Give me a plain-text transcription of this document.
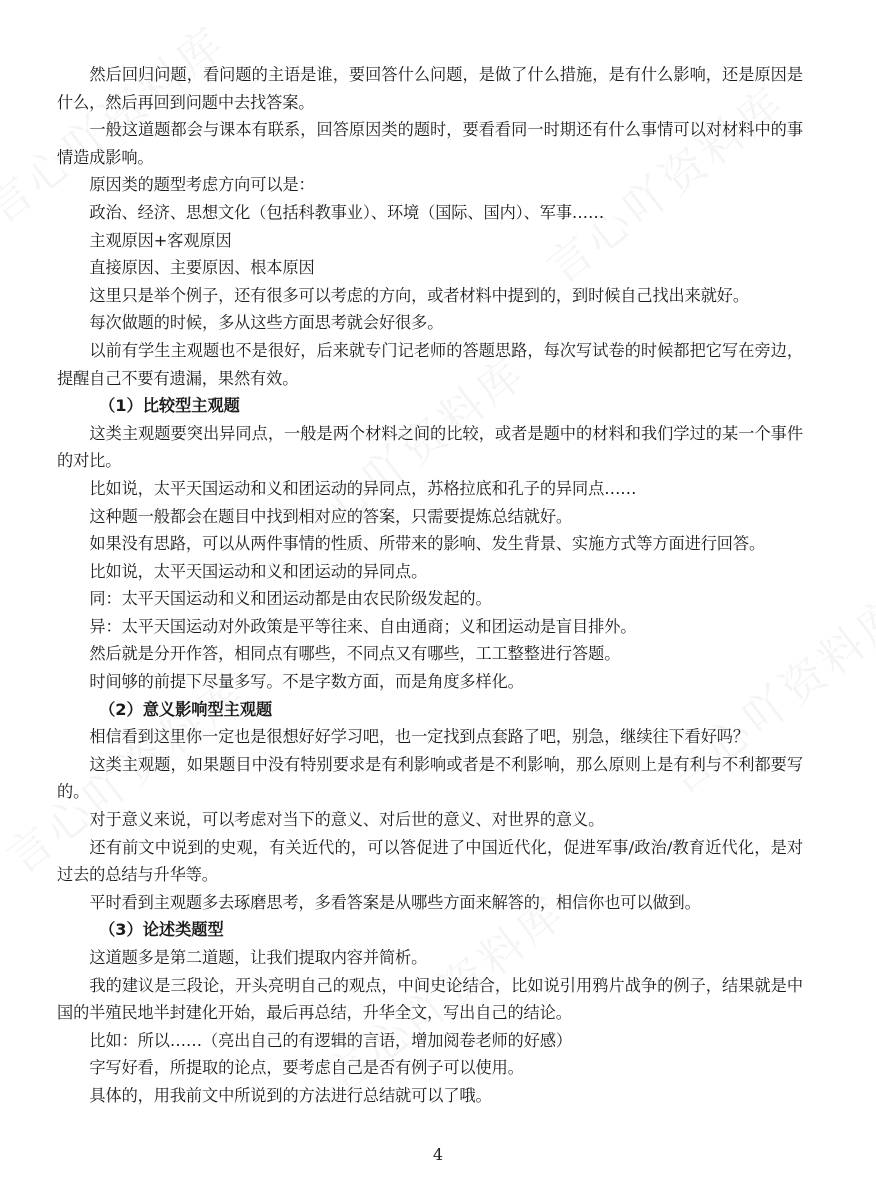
然后回归问题，看问题的主语是谁，要回答什么问题，是做了什么措施，是有什么影响，还是原因是什么，然后再回到问题中去找答案。

一般这道题都会与课本有联系，回答原因类的题时，要看看同一时期还有什么事情可以对材料中的事情造成影响。

原因类的题型考虑方向可以是：

政治、经济、思想文化（包括科教事业）、环境（国际、国内）、军事……

主观原因+客观原因

直接原因、主要原因、根本原因

这里只是举个例子，还有很多可以考虑的方向，或者材料中提到的，到时候自己找出来就好。

每次做题的时候，多从这些方面思考就会好很多。

以前有学生主观题也不是很好，后来就专门记老师的答题思路，每次写试卷的时候都把它写在旁边，提醒自己不要有遗漏，果然有效。

（1）比较型主观题

这类主观题要突出异同点，一般是两个材料之间的比较，或者是题中的材料和我们学过的某一个事件的对比。

比如说，太平天国运动和义和团运动的异同点，苏格拉底和孔子的异同点……

这种题一般都会在题目中找到相对应的答案，只需要提炼总结就好。

如果没有思路，可以从两件事情的性质、所带来的影响、发生背景、实施方式等方面进行回答。

比如说，太平天国运动和义和团运动的异同点。

同：太平天国运动和义和团运动都是由农民阶级发起的。

异：太平天国运动对外政策是平等往来、自由通商；义和团运动是盲目排外。

然后就是分开作答，相同点有哪些，不同点又有哪些，工工整整进行答题。

时间够的前提下尽量多写。不是字数方面，而是角度多样化。

（2）意义影响型主观题

相信看到这里你一定也是很想好好学习吧，也一定找到点套路了吧，别急，继续往下看好吗？

这类主观题，如果题目中没有特别要求是有利影响或者是不利影响，那么原则上是有利与不利都要写的。

对于意义来说，可以考虑对当下的意义、对后世的意义、对世界的意义。

还有前文中说到的史观，有关近代的，可以答促进了中国近代化，促进军事/政治/教育近代化，是对过去的总结与升华等。

平时看到主观题多去琢磨思考，多看答案是从哪些方面来解答的，相信你也可以做到。

（3）论述类题型

这道题多是第二道题，让我们提取内容并简析。

我的建议是三段论，开头亮明自己的观点，中间史论结合，比如说引用鸦片战争的例子，结果就是中国的半殖民地半封建化开始，最后再总结，升华全文，写出自己的结论。

比如：所以……（亮出自己的有逻辑的言语，增加阅卷老师的好感）

字写好看，所提取的论点，要考虑自己是否有例子可以使用。

具体的，用我前文中所说到的方法进行总结就可以了哦。

4
